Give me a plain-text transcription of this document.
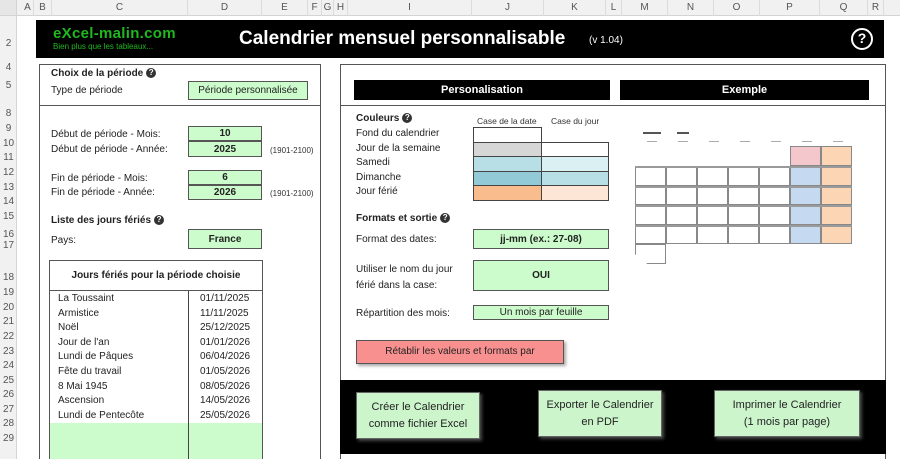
A B	C	D	E	F G H	I	J	K	L	M	N	O	P	Q	R
2
4
5
8
9
10
11
12
13
14
15
16
17
18
19
20
21
22
23
24
25
26
27
28
29
eXcel-malin.com
Bien plus que les tableaux...	Calendrier mensuel personnalisable (v 1.04)	?
Choix de la période ?
Type de période	Période personnalisée
Début de période - Mois:	10
Début de période - Année:	2025	(1901-2100)
Fin de période - Mois:	6
Fin de période - Année:	2026	(1901-2100)
Liste des jours fériés ?
Pays:	France
Jours fériés pour la période choisie
La Toussaint	01/11/2025
Armistice	11/11/2025
Noël	25/12/2025
Jour de l'an	01/01/2026
Lundi de Pâques	06/04/2026
Fête du travail	01/05/2026
8 Mai 1945	08/05/2026
Ascension	14/05/2026
Lundi de Pentecôte	25/05/2026
Personalisation	Exemple
Couleurs ?	Case de la date Case du jour
Formats et sortie ?
Format des dates:	jj-mm (ex.: 27-08)
Utiliser le nom du jour
férié dans la case:
OUI
Répartition des mois:	Un mois par feuille
Rétablir les valeurs et formats par
Créer le Calendrier
comme fichier Excel
Exporter le Calendrier
en PDF
Imprimer le Calendrier
(1 mois par page)
Fond du calendrier
Jour de la semaine
Samedi
Dimanche
Jour férié
